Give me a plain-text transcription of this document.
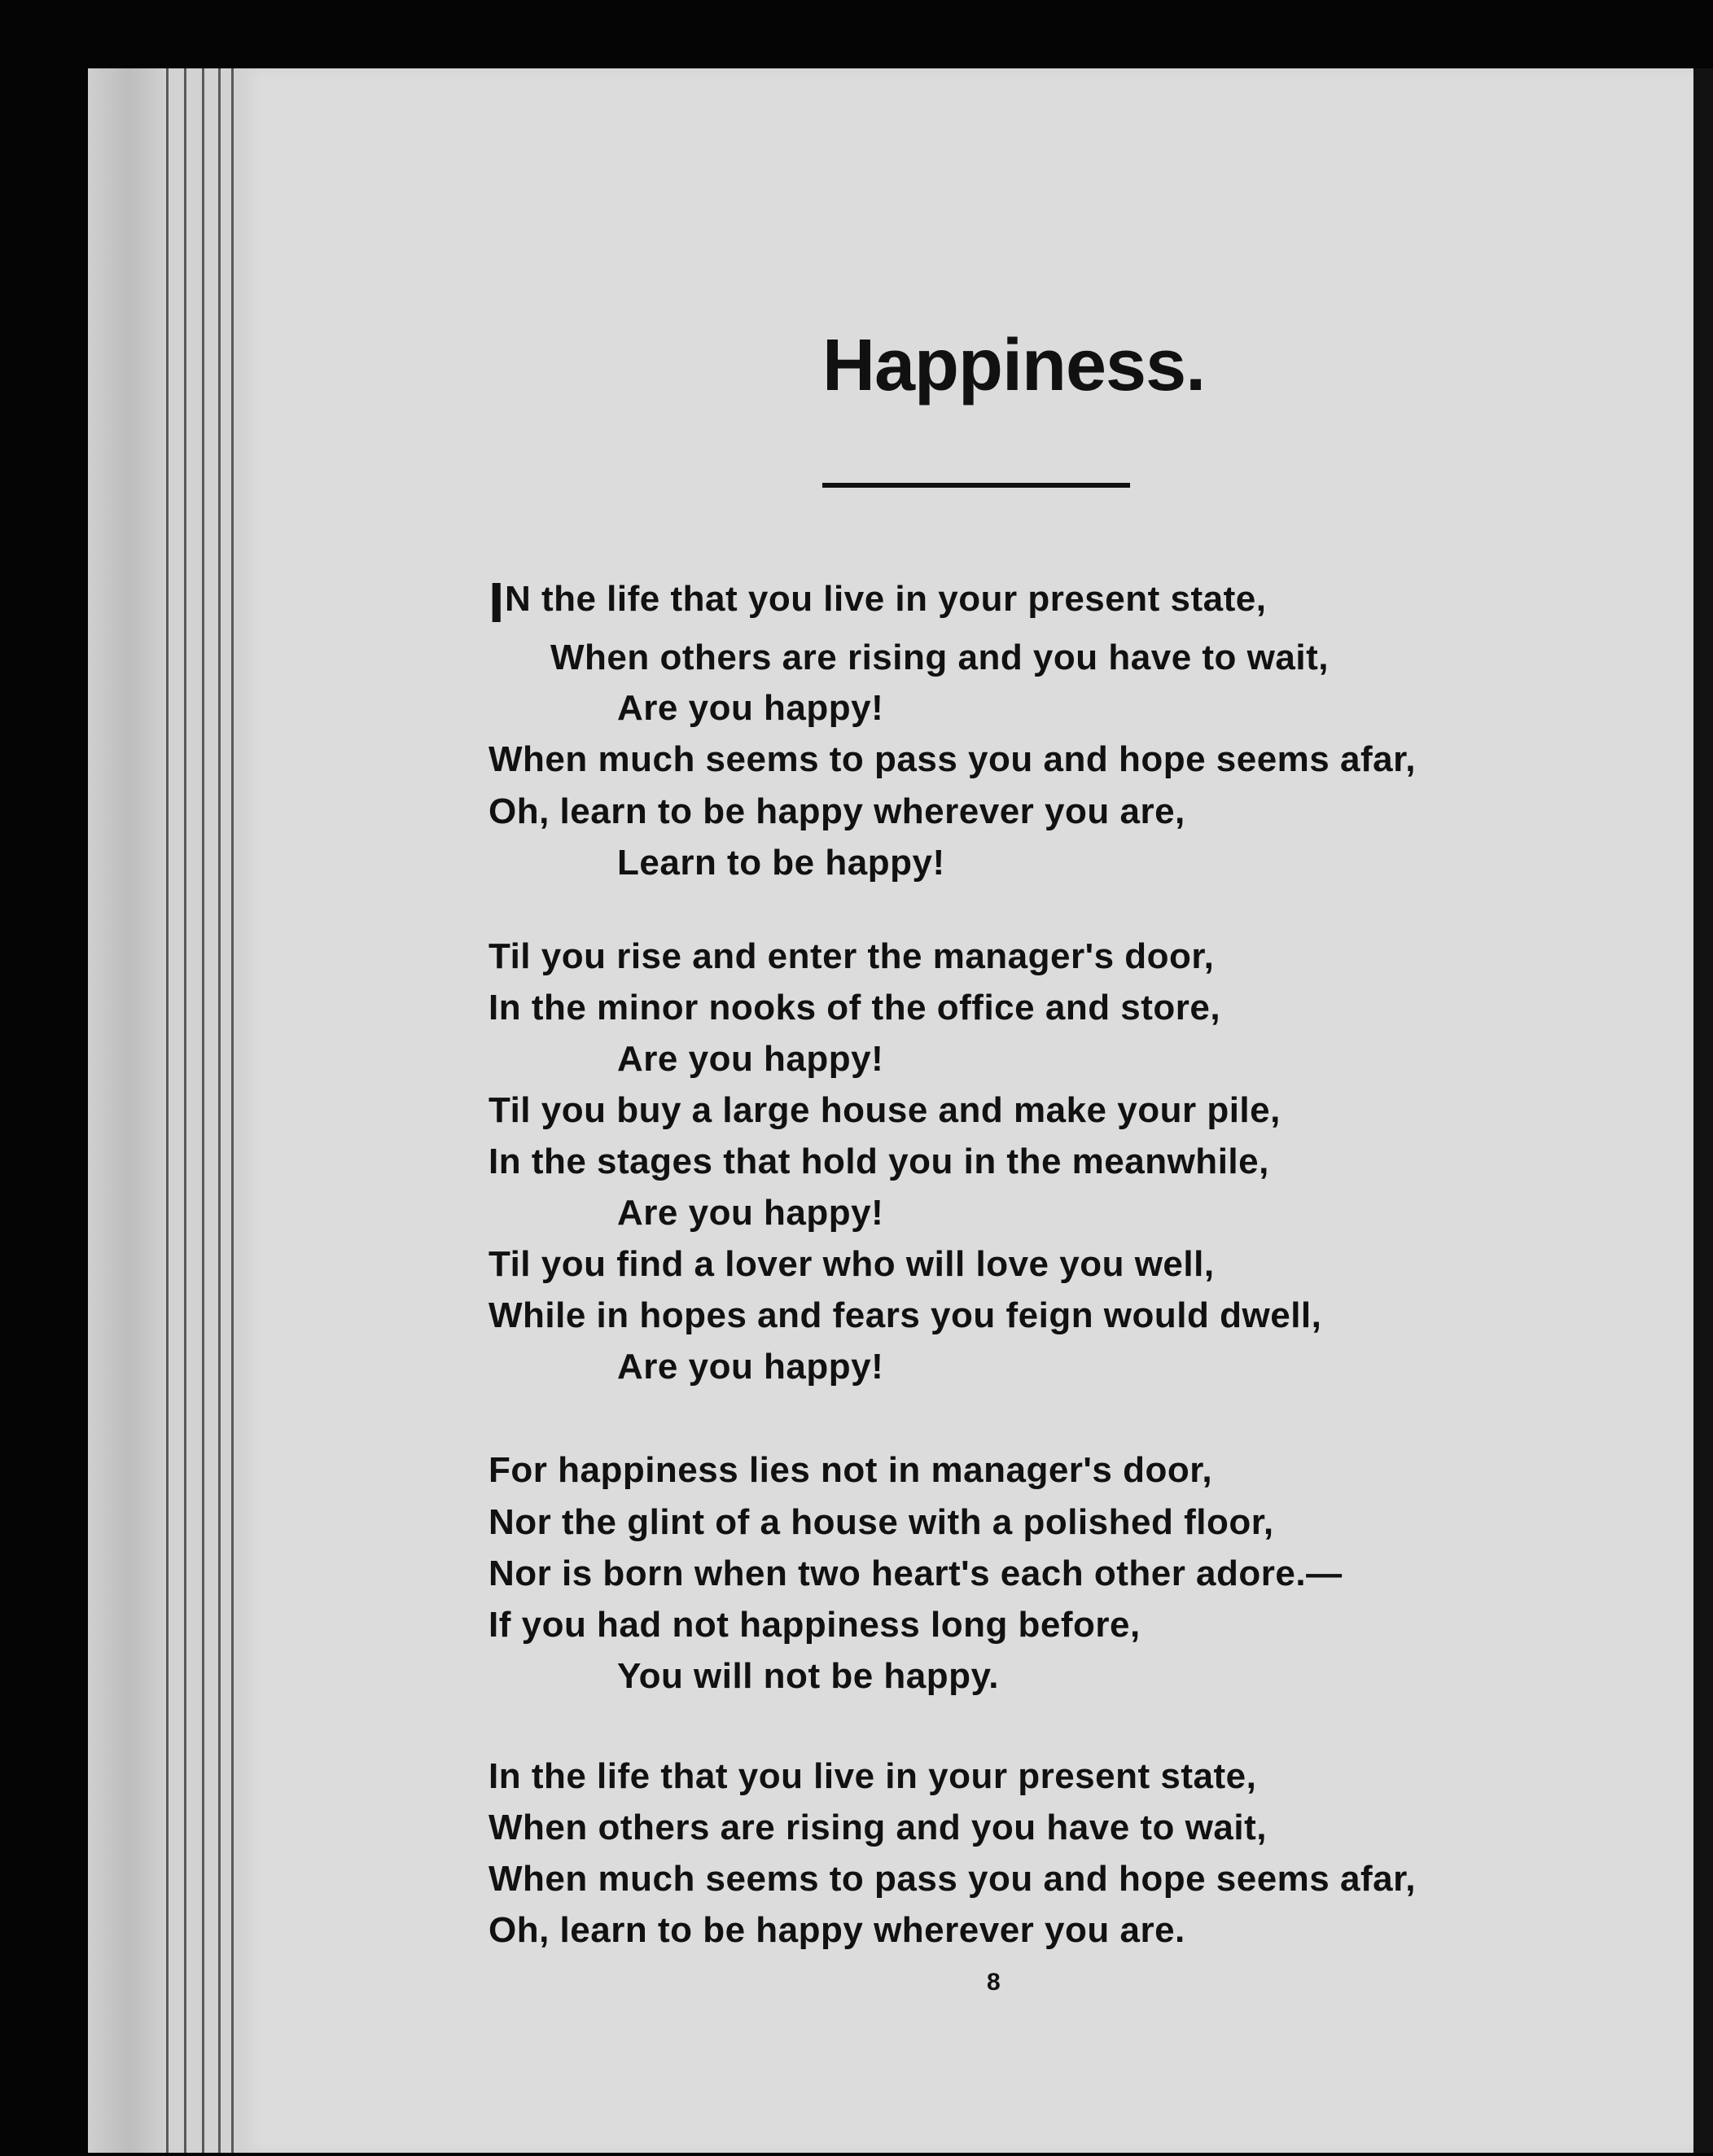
Happiness.

IN the life that you live in your present state,

When others are rising and you have to wait,

Are you happy!

When much seems to pass you and hope seems afar,

Oh, learn to be happy wherever you are,

Learn to be happy!

Til you rise and enter the manager's door,

In the minor nooks of the office and store,

Are you happy!

Til you buy a large house and make your pile,

In the stages that hold you in the meanwhile,

Are you happy!

Til you find a lover who will love you well,

While in hopes and fears you feign would dwell,

Are you happy!

For happiness lies not in manager's door,

Nor the glint of a house with a polished floor,

Nor is born when two heart's each other adore.—

If you had not happiness long before,

You will not be happy.

In the life that you live in your present state,

When others are rising and you have to wait,

When much seems to pass you and hope seems afar,

Oh, learn to be happy wherever you are.

8
